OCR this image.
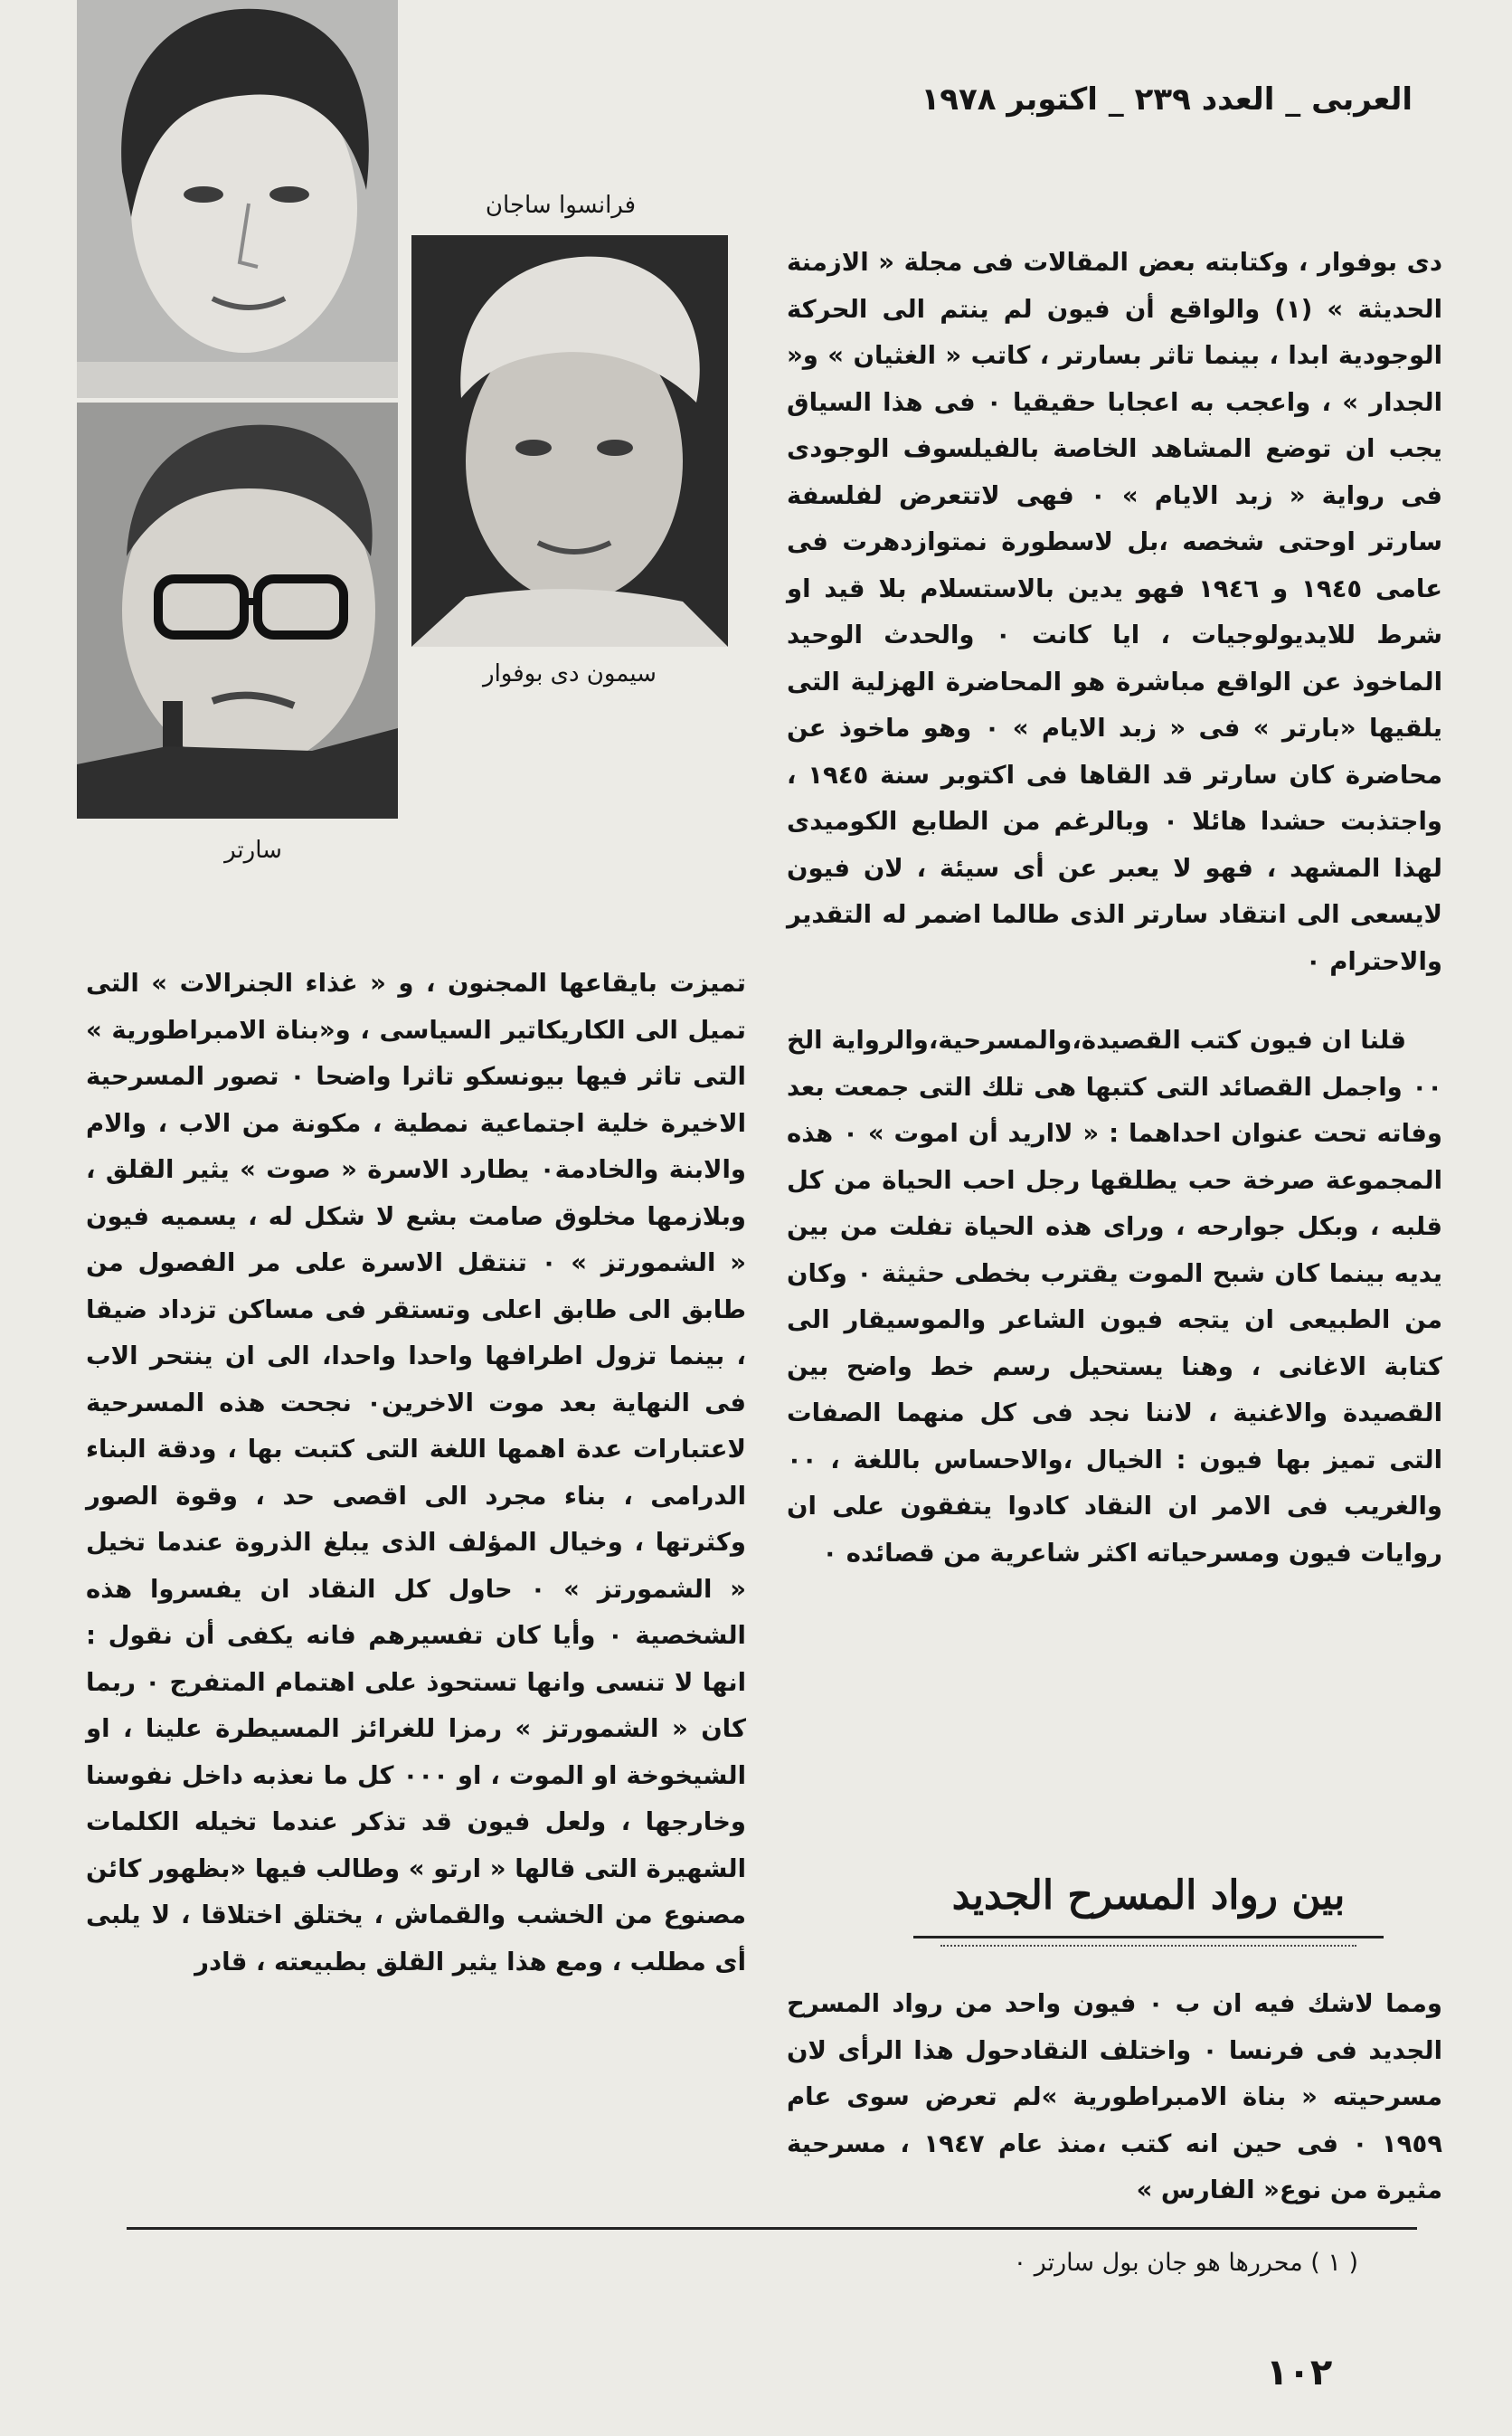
العربى _ العدد ٢٣٩ _ اكتوبر ١٩٧٨
سارتر
فرانسوا ساجان
سيمون دى بوفوار

دى بوفوار ، وكتابته بعض المقالات فى مجلة « الازمنة الحديثة » (١) والواقع أن فيون لم ينتم الى الحركة الوجودية ابدا ، بينما تاثر بسارتر ، كاتب « الغثيان » و« الجدار » ، واعجب به اعجابا حقيقيا ٠ فى هذا السياق يجب ان توضع المشاهد الخاصة بالفيلسوف الوجودى فى رواية « زبد الايام » ٠ فهى لاتتعرض لفلسفة سارتر اوحتى شخصه ،بل لاسطورة نمتوازدهرت فى عامى ١٩٤٥ و ١٩٤٦ فهو يدين بالاستسلام بلا قيد او شرط للايديولوجيات ، ايا كانت ٠ والحدث الوحيد الماخوذ عن الواقع مباشرة هو المحاضرة الهزلية التى يلقيها «بارتر » فى « زبد الايام » ٠ وهو ماخوذ عن محاضرة كان سارتر قد القاها فى اكتوبر سنة ١٩٤٥ ، واجتذبت حشدا هائلا ٠ وبالرغم من الطابع الكوميدى لهذا المشهد ، فهو لا يعبر عن أى سيئة ، لان فيون لايسعى الى انتقاد سارتر الذى طالما اضمر له التقدير والاحترام ٠

قلنا ان فيون كتب القصيدة،والمسرحية،والرواية الخ ٠٠ واجمل القصائد التى كتبها هى تلك التى جمعت بعد وفاته تحت عنوان احداهما : « لااريد أن اموت » ٠ هذه المجموعة صرخة حب يطلقها رجل احب الحياة من كل قلبه ، وبكل جوارحه ، وراى هذه الحياة تفلت من بين يديه بينما كان شبح الموت يقترب بخطى حثيثة ٠ وكان من الطبيعى ان يتجه فيون الشاعر والموسيقار الى كتابة الاغانى ، وهنا يستحيل رسم خط واضح بين القصيدة والاغنية ، لاننا نجد فى كل منهما الصفات التى تميز بها فيون : الخيال ،والاحساس باللغة ، ٠٠ والغريب فى الامر ان النقاد كادوا يتفقون على ان روايات فيون ومسرحياته اكثر شاعرية من قصائده ٠

بين رواد المسرح الجديد

ومما لاشك فيه ان ب ٠ فيون واحد من رواد المسرح الجديد فى فرنسا ٠ واختلف النقادحول هذا الرأى لان مسرحيته « بناة الامبراطورية »لم تعرض سوى عام ١٩٥٩ ٠ فى حين انه كتب ،منذ عام ١٩٤٧ ، مسرحية مثيرة من نوع« الفارس »

تميزت بايقاعها المجنون ، و « غذاء الجنرالات » التى تميل الى الكاريكاتير السياسى ، و«بناة الامبراطورية » التى تاثر فيها بيونسكو تاثرا واضحا ٠ تصور المسرحية الاخيرة خلية اجتماعية نمطية ، مكونة من الاب ، والام والابنة والخادمة٠ يطارد الاسرة « صوت » يثير القلق ، وبلازمها مخلوق صامت بشع لا شكل له ، يسميه فيون « الشمورتز » ٠ تنتقل الاسرة على مر الفصول من طابق الى طابق اعلى وتستقر فى مساكن تزداد ضيقا ، بينما تزول اطرافها واحدا واحدا، الى ان ينتحر الاب فى النهاية بعد موت الاخرين٠ نجحت هذه المسرحية لاعتبارات عدة اهمها اللغة التى كتبت بها ، ودقة البناء الدرامى ، بناء مجرد الى اقصى حد ، وقوة الصور وكثرتها ، وخيال المؤلف الذى يبلغ الذروة عندما تخيل « الشمورتز » ٠ حاول كل النقاد ان يفسروا هذه الشخصية ٠ وأيا كان تفسيرهم فانه يكفى أن نقول : انها لا تنسى وانها تستحوذ على اهتمام المتفرج ٠ ربما كان « الشمورتز » رمزا للغرائز المسيطرة علينا ، او الشيخوخة او الموت ، او ٠٠٠ كل ما نعذبه داخل نفوسنا وخارجها ، ولعل فيون قد تذكر عندما تخيله الكلمات الشهيرة التى قالها « ارتو » وطالب فيها «بظهور كائن مصنوع من الخشب والقماش ، يختلق اختلاقا ، لا يلبى أى مطلب ، ومع هذا يثير القلق بطبيعته ، قادر

( ١ ) محررها هو جان بول سارتر ٠
١٠٢
